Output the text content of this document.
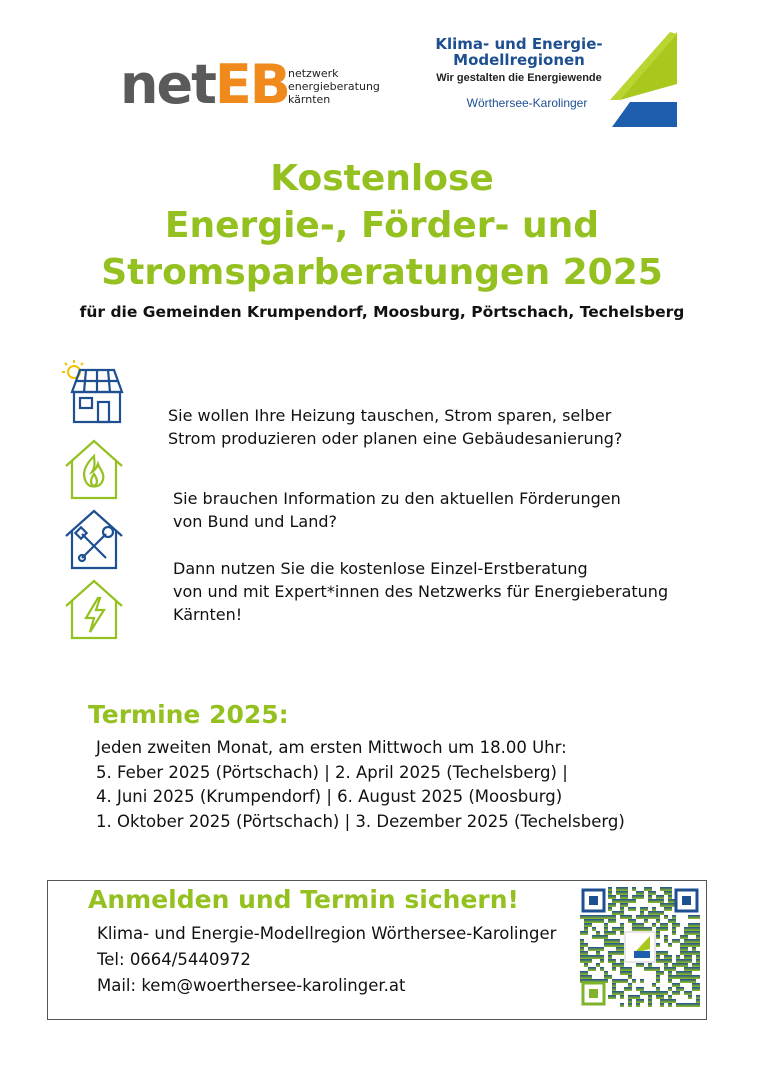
netEB netzwerk
energieberatung
kärnten
Klima- und Energie-
Modellregionen
Wir gestalten die Energiewende
Wörthersee-Karolinger
Kostenlose
Energie-, Förder- und
Stromsparberatungen 2025
für die Gemeinden Krumpendorf, Moosburg, Pörtschach, Techelsberg
Sie wollen Ihre Heizung tauschen, Strom sparen, selber
Strom produzieren oder planen eine Gebäudesanierung?
Sie brauchen Information zu den aktuellen Förderungen
von Bund und Land?
Dann nutzen Sie die kostenlose Einzel-Erstberatung
von und mit Expert*innen des Netzwerks für Energieberatung
Kärnten!
Termine 2025:
Jeden zweiten Monat, am ersten Mittwoch um 18.00 Uhr:
5. Feber 2025 (Pörtschach) | 2. April 2025 (Techelsberg) |
4. Juni 2025 (Krumpendorf) | 6. August 2025 (Moosburg)
1. Oktober 2025 (Pörtschach) | 3. Dezember 2025 (Techelsberg)
Anmelden und Termin sichern!
Klima- und Energie-Modellregion Wörthersee-Karolinger
Tel: 0664/5440972
Mail: kem@woerthersee-karolinger.at
